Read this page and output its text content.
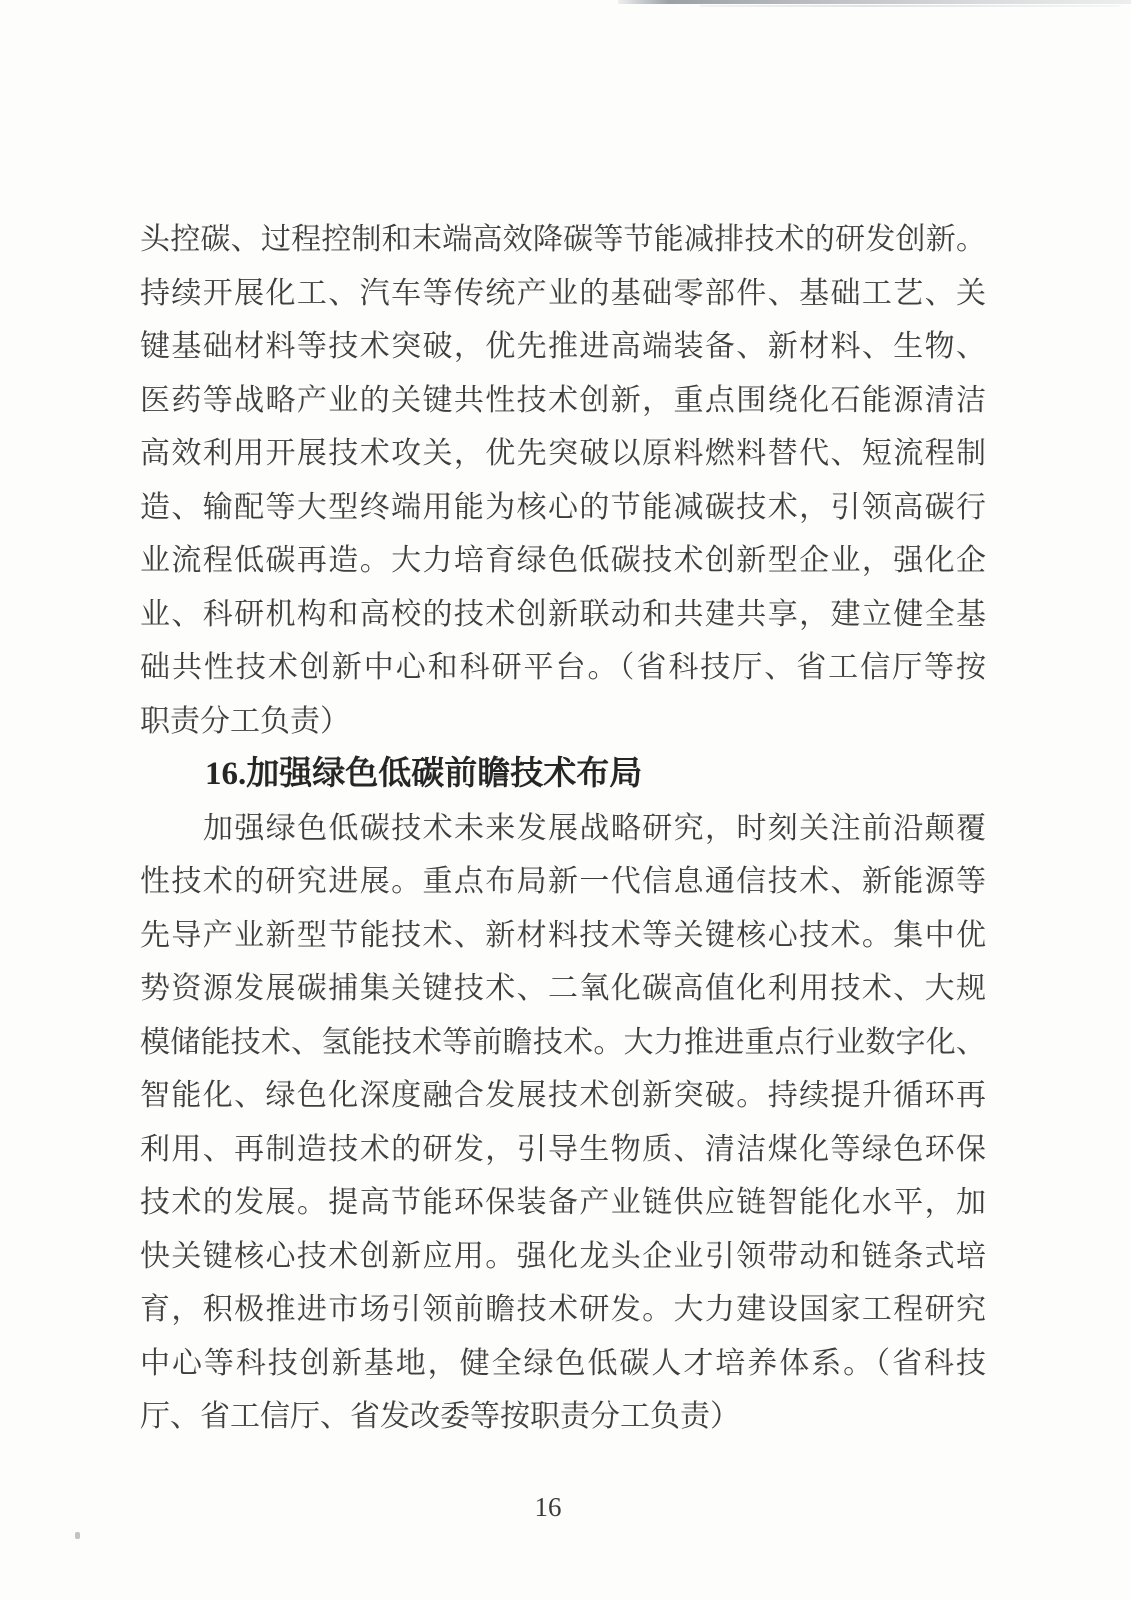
头控碳、过程控制和末端高效降碳等节能减排技术的研发创新。
持续开展化工、汽车等传统产业的基础零部件、基础工艺、关
键基础材料等技术突破，优先推进高端装备、新材料、生物、
医药等战略产业的关键共性技术创新，重点围绕化石能源清洁
高效利用开展技术攻关，优先突破以原料燃料替代、短流程制
造、输配等大型终端用能为核心的节能减碳技术，引领高碳行
业流程低碳再造。大力培育绿色低碳技术创新型企业，强化企
业、科研机构和高校的技术创新联动和共建共享，建立健全基
础共性技术创新中心和科研平台。（省科技厅、省工信厅等按
职责分工负责）
16.加强绿色低碳前瞻技术布局
加强绿色低碳技术未来发展战略研究，时刻关注前沿颠覆
性技术的研究进展。重点布局新一代信息通信技术、新能源等
先导产业新型节能技术、新材料技术等关键核心技术。集中优
势资源发展碳捕集关键技术、二氧化碳高值化利用技术、大规
模储能技术、氢能技术等前瞻技术。大力推进重点行业数字化、
智能化、绿色化深度融合发展技术创新突破。持续提升循环再
利用、再制造技术的研发，引导生物质、清洁煤化等绿色环保
技术的发展。提高节能环保装备产业链供应链智能化水平，加
快关键核心技术创新应用。强化龙头企业引领带动和链条式培
育，积极推进市场引领前瞻技术研发。大力建设国家工程研究
中心等科技创新基地，健全绿色低碳人才培养体系。（省科技
厅、省工信厅、省发改委等按职责分工负责）
16
